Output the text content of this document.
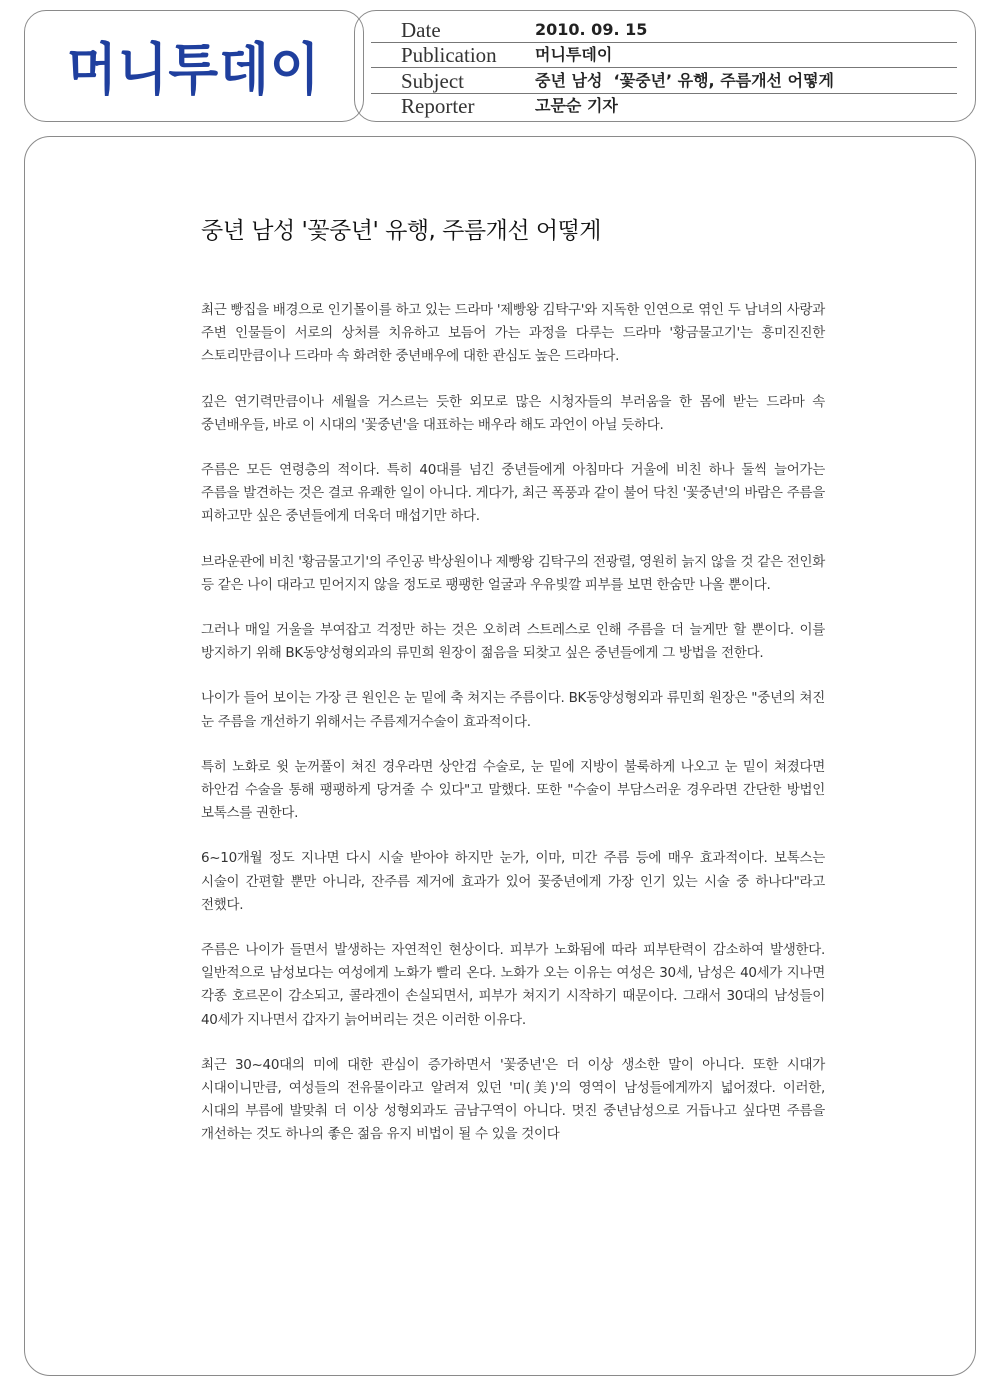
머니투데이
Date	2010. 09. 15
Publication	머니투데이
Subject	중년 남성  ‘꽃중년’ 유행, 주름개선 어떻게
Reporter	고문순 기자
중년 남성 '꽃중년' 유행, 주름개선 어떻게

최근 빵집을 배경으로 인기몰이를 하고 있는 드라마 '제빵왕 김탁구'와 지독한 인연으로 엮인 두 남녀의 사랑과 주변 인물들이 서로의 상처를 치유하고 보듬어 가는 과정을 다루는 드라마 '황금물고기'는 흥미진진한 스토리만큼이나 드라마 속 화려한 중년배우에 대한 관심도 높은 드라마다.

깊은 연기력만큼이나 세월을 거스르는 듯한 외모로 많은 시청자들의 부러움을 한 몸에 받는 드라마 속 중년배우들, 바로 이 시대의 '꽃중년'을 대표하는 배우라 해도 과언이 아닐 듯하다.

주름은 모든 연령층의 적이다. 특히 40대를 넘긴 중년들에게 아침마다 거울에 비친 하나 둘씩 늘어가는 주름을 발견하는 것은 결코 유쾌한 일이 아니다. 게다가, 최근 폭풍과 같이 불어 닥친 '꽃중년'의 바람은 주름을 피하고만 싶은 중년들에게 더욱더 매섭기만 하다.

브라운관에 비친 '황금물고기'의 주인공 박상원이나 제빵왕 김탁구의 전광렬, 영원히 늙지 않을 것 같은 전인화 등 같은 나이 대라고 믿어지지 않을 정도로 팽팽한 얼굴과 우유빛깔 피부를 보면 한숨만 나올 뿐이다.

그러나 매일 거울을 부여잡고 걱정만 하는 것은 오히려 스트레스로 인해 주름을 더 늘게만 할 뿐이다. 이를 방지하기 위해 BK동양성형외과의 류민희 원장이 젊음을 되찾고 싶은 중년들에게 그 방법을 전한다.

나이가 들어 보이는 가장 큰 원인은 눈 밑에 축 쳐지는 주름이다. BK동양성형외과 류민희 원장은 "중년의 쳐진 눈 주름을 개선하기 위해서는 주름제거수술이 효과적이다.

특히 노화로 윗 눈꺼풀이 쳐진 경우라면 상안검 수술로, 눈 밑에 지방이 불룩하게 나오고 눈 밑이 쳐졌다면 하안검 수술을 통해 팽팽하게 당겨줄 수 있다"고 말했다. 또한 "수술이 부담스러운 경우라면 간단한 방법인 보톡스를 권한다.

6~10개월 정도 지나면 다시 시술 받아야 하지만 눈가, 이마, 미간 주름 등에 매우 효과적이다. 보톡스는 시술이 간편할 뿐만 아니라, 잔주름 제거에 효과가 있어 꽃중년에게 가장 인기 있는 시술 중 하나다"라고 전했다.

주름은 나이가 들면서 발생하는 자연적인 현상이다. 피부가 노화됨에 따라 피부탄력이 감소하여 발생한다. 일반적으로 남성보다는 여성에게 노화가 빨리 온다. 노화가 오는 이유는 여성은 30세, 남성은 40세가 지나면 각종 호르몬이 감소되고, 콜라겐이 손실되면서, 피부가 쳐지기 시작하기 때문이다. 그래서 30대의 남성들이 40세가 지나면서 갑자기 늙어버리는 것은 이러한 이유다.

최근 30~40대의 미에 대한 관심이 증가하면서 '꽃중년'은 더 이상 생소한 말이 아니다. 또한 시대가 시대이니만큼, 여성들의 전유물이라고 알려져 있던 '미(美)'의 영역이 남성들에게까지 넓어졌다. 이러한, 시대의 부름에 발맞춰 더 이상 성형외과도 금남구역이 아니다. 멋진 중년남성으로 거듭나고 싶다면 주름을 개선하는 것도 하나의 좋은 젊음 유지 비법이 될 수 있을 것이다
